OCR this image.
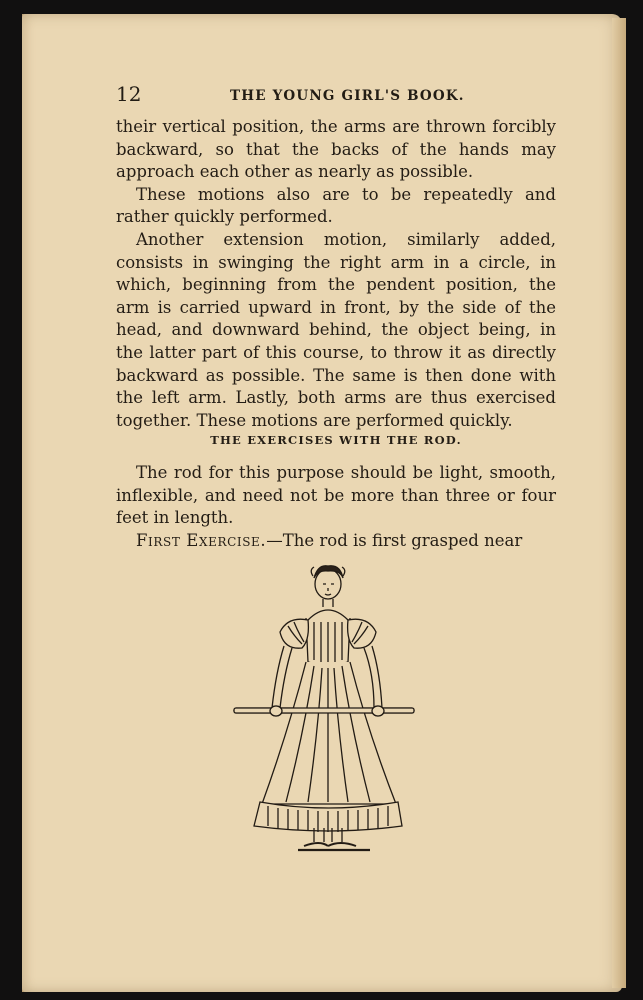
12	THE YOUNG GIRL'S BOOK.

their vertical position, the arms are thrown forcibly backward, so that the backs of the hands may approach each other as nearly as possible.

These motions also are to be repeatedly and rather quickly performed.

Another extension motion, similarly added, consists in swinging the right arm in a circle, in which, beginning from the pendent position, the arm is carried upward in front, by the side of the head, and downward behind, the object being, in the latter part of this course, to throw it as directly backward as possible. The same is then done with the left arm. Lastly, both arms are thus exercised together. These motions are performed quickly.

THE EXERCISES WITH THE ROD.

The rod for this purpose should be light, smooth, inflexible, and need not be more than three or four feet in length.

First Exercise.—The rod is first grasped near
